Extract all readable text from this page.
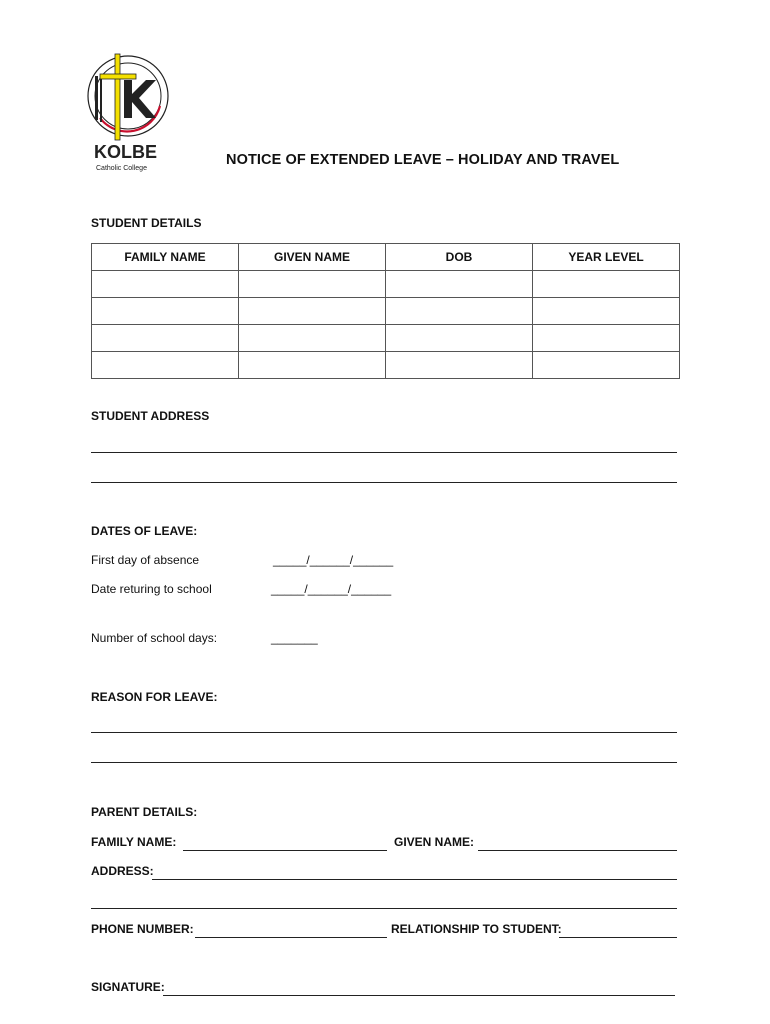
KOLBE
Catholic College
NOTICE OF EXTENDED LEAVE – HOLIDAY AND TRAVEL
STUDENT DETAILS
FAMILY NAME	GIVEN NAME	DOB	YEAR LEVEL

STUDENT ADDRESS
DATES OF LEAVE:
First day of absence	_____/______/______
Date returing to school	_____/______/______
Number of school days:	_______
REASON FOR LEAVE:
PARENT DETAILS:
FAMILY NAME:	GIVEN NAME:
ADDRESS:
PHONE NUMBER:	RELATIONSHIP TO STUDENT:
SIGNATURE:
